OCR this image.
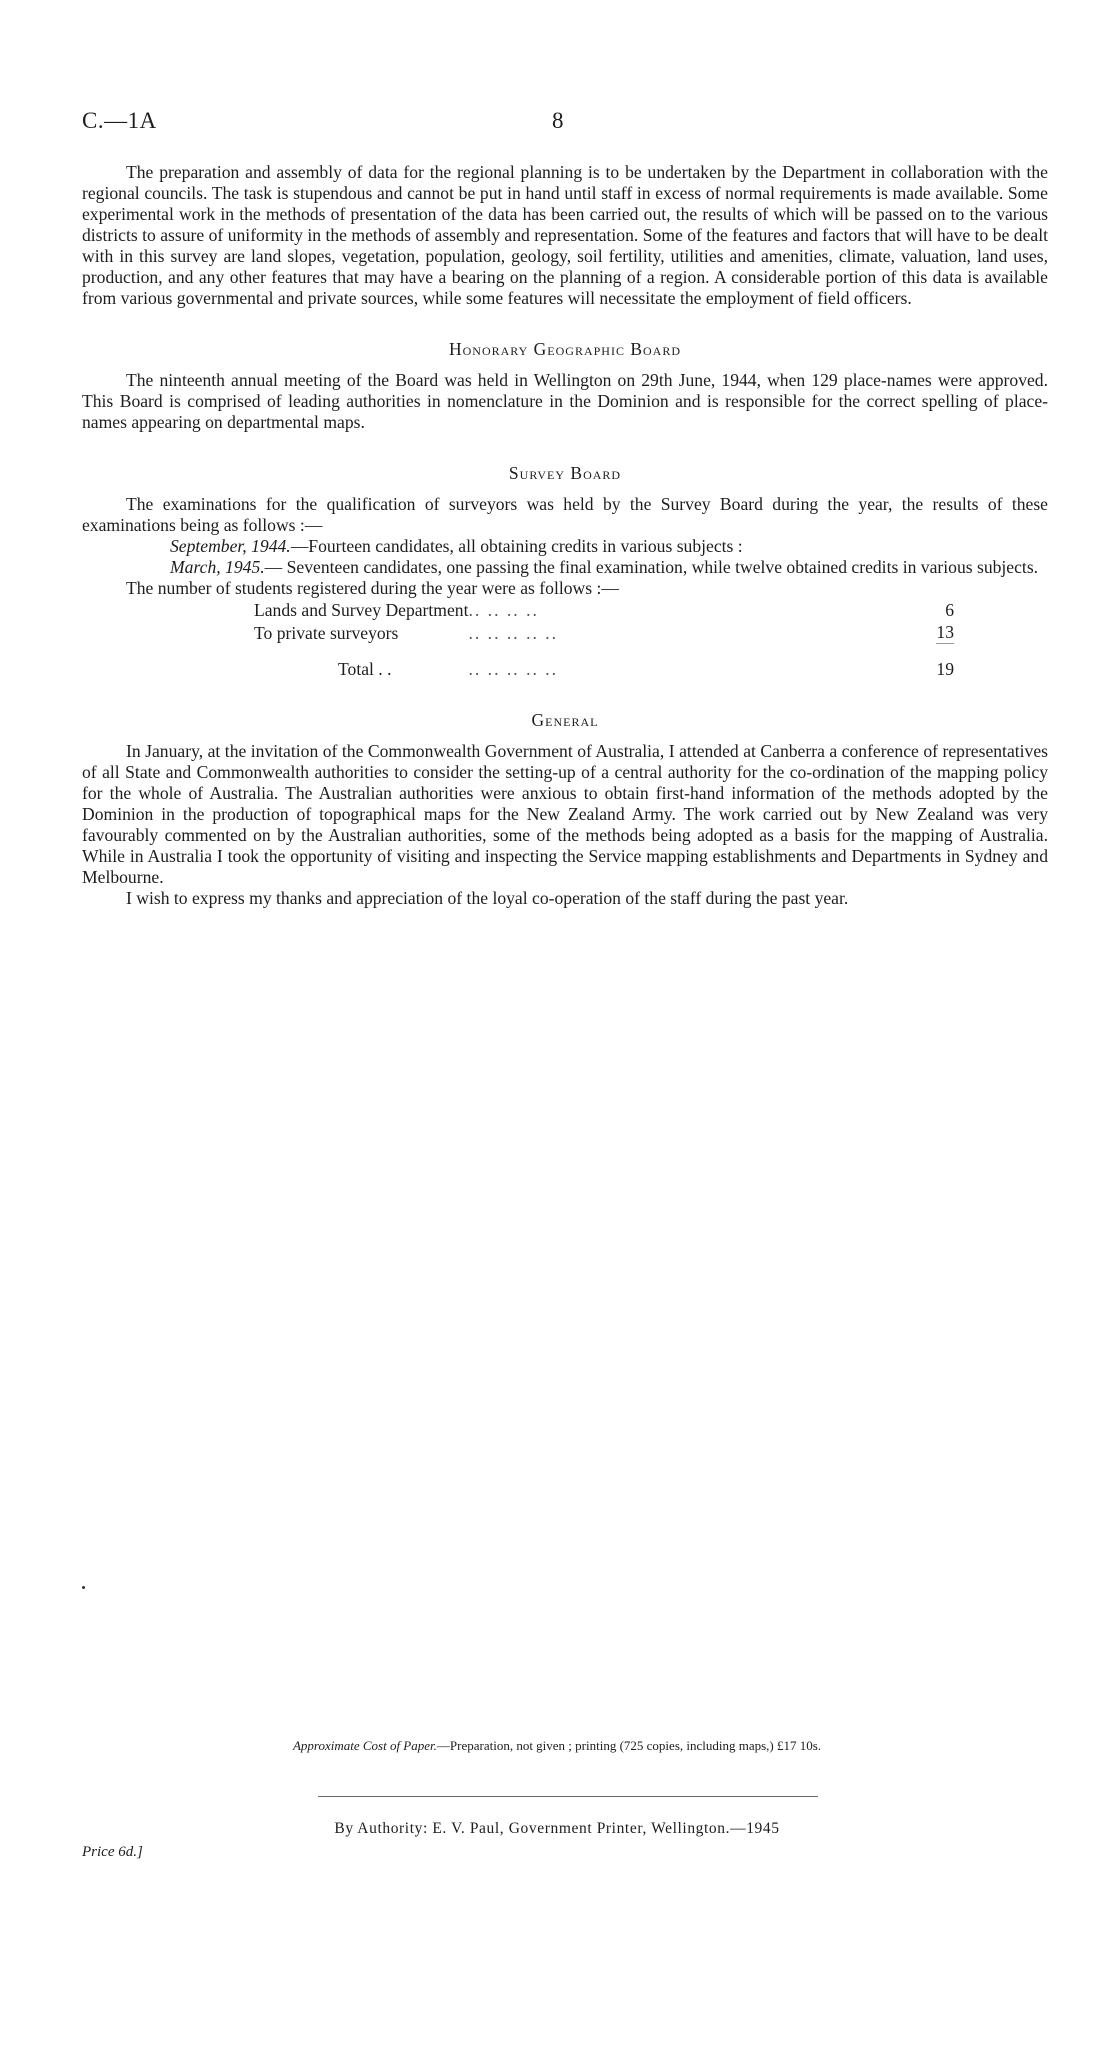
C.—1A	8

The preparation and assembly of data for the regional planning is to be undertaken by the Department in collaboration with the regional councils. The task is stupendous and cannot be put in hand until staff in excess of normal requirements is made available. Some experimental work in the methods of presentation of the data has been carried out, the results of which will be passed on to the various districts to assure of uniformity in the methods of assembly and representation. Some of the features and factors that will have to be dealt with in this survey are land slopes, vegetation, population, geology, soil fertility, utilities and amenities, climate, valuation, land uses, production, and any other features that may have a bearing on the planning of a region. A considerable portion of this data is available from various governmental and private sources, while some features will necessitate the employment of field officers.

Honorary Geographic Board

The ninteenth annual meeting of the Board was held in Wellington on 29th June, 1944, when 129 place-names were approved. This Board is comprised of leading authorities in nomenclature in the Dominion and is responsible for the correct spelling of place-names appearing on departmental maps.

Survey Board

The examinations for the qualification of surveyors was held by the Survey Board during the year, the results of these examinations being as follows :—

September, 1944.—Fourteen candidates, all obtaining credits in various subjects :

March, 1945.— Seventeen candidates, one passing the final examination, while twelve obtained credits in various subjects.

The number of students registered during the year were as follows :—

Lands and Survey Department	.. .. .. ..	6
To private surveyors	.. .. .. .. ..	13
Total . .	.. .. .. .. ..	19
General

In January, at the invitation of the Commonwealth Government of Australia, I attended at Canberra a conference of representatives of all State and Commonwealth authorities to consider the setting-up of a central authority for the co-ordination of the mapping policy for the whole of Australia. The Australian authorities were anxious to obtain first-hand information of the methods adopted by the Dominion in the production of topographical maps for the New Zealand Army. The work carried out by New Zealand was very favourably commented on by the Australian authorities, some of the methods being adopted as a basis for the mapping of Australia. While in Australia I took the opportunity of visiting and inspecting the Service mapping establishments and Departments in Sydney and Melbourne.

I wish to express my thanks and appreciation of the loyal co-operation of the staff during the past year.

Approximate Cost of Paper.—Preparation, not given ; printing (725 copies, including maps,) £17 10s.
By Authority: E. V. Paul, Government Printer, Wellington.—1945
Price 6d.]
